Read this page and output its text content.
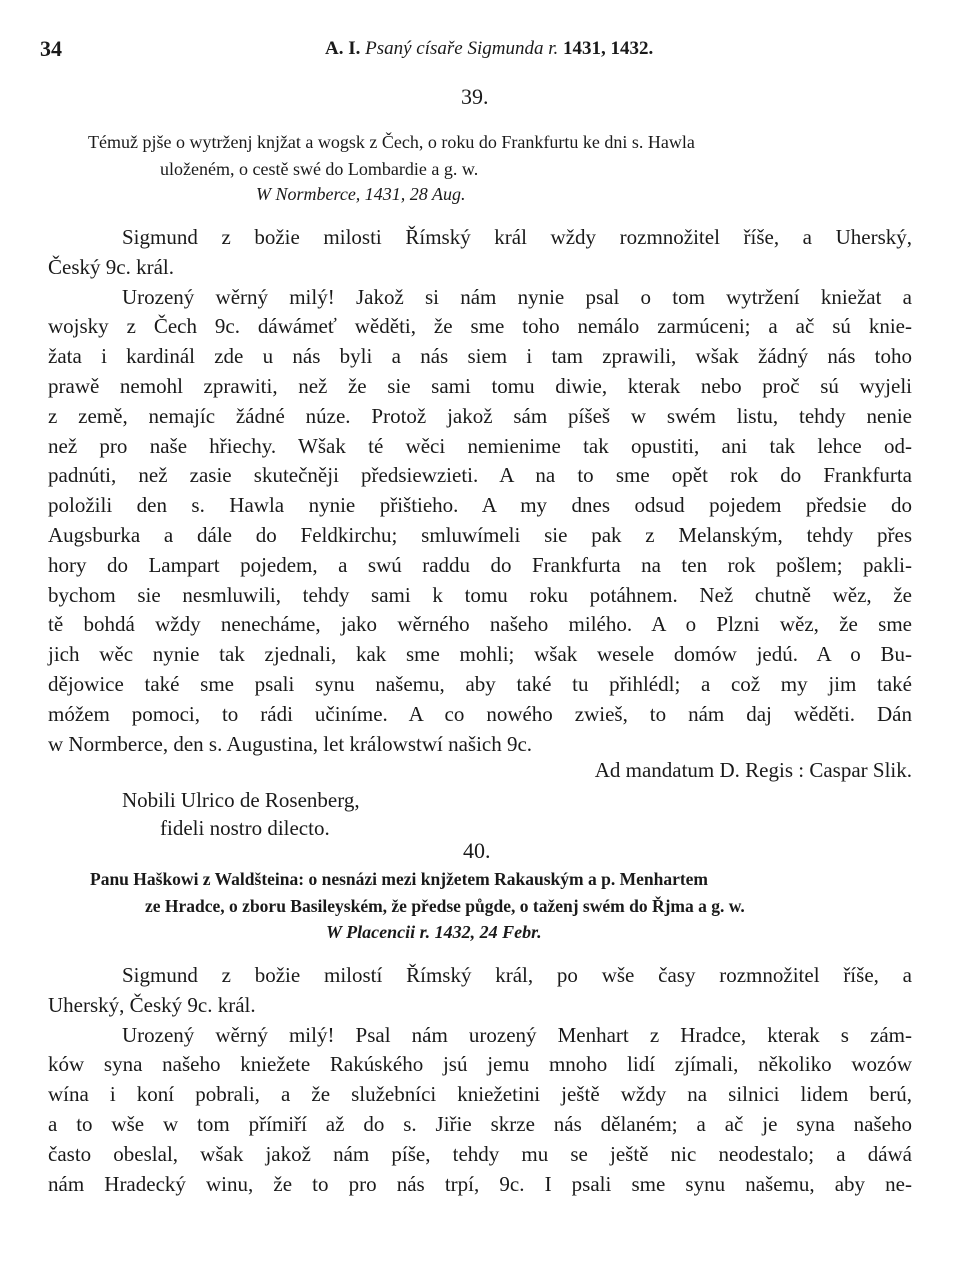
34	A. I. Psaný císaře Sigmunda r. 1431, 1432.
39.
Témuž pjše o wytrženj knjžat a wogsk z Čech, o roku do Frankfurtu ke dni s. Hawla
uloženém, o cestě swé do Lombardie a g. w.
W Normberce, 1431, 28 Aug.

Sigmund z božie milosti Římský král wždy rozmnožitel říše, a Uherský,

Český 9c. král.

Urozený wěrný milý! Jakož si nám nynie psal o tom wytržení kniežat a

wojsky z Čech 9c. dáwámeť wěděti, že sme toho nemálo zarmúceni; a ač sú knie-

žata i kardinál zde u nás byli a nás siem i tam zprawili, wšak žádný nás toho

prawě nemohl zprawiti, než že sie sami tomu diwie, kterak nebo proč sú wyjeli

z země, nemajíc žádné núze. Protož jakož sám píšeš w swém listu, tehdy nenie

než pro naše hřiechy. Wšak té wěci nemienime tak opustiti, ani tak lehce od-

padnúti, než zasie skutečněji předsiewzieti. A na to sme opět rok do Frankfurta

položili den s. Hawla nynie přištieho. A my dnes odsud pojedem předsie do

Augsburka a dále do Feldkirchu; smluwímeli sie pak z Melanským, tehdy přes

hory do Lampart pojedem, a swú raddu do Frankfurta na ten rok pošlem; pakli-

bychom sie nesmluwili, tehdy sami k tomu roku potáhnem. Než chutně wěz, že

tě bohdá wždy nenecháme, jako wěrného našeho milého. A o Plzni wěz, že sme

jich wěc nynie tak zjednali, kak sme mohli; wšak wesele domów jedú. A o Bu-

dějowice také sme psali synu našemu, aby také tu přihlédl; a což my jim také

móžem pomoci, to rádi učiníme. A co nowého zwieš, to nám daj wěděti. Dán

w Normberce, den s. Augustina, let králowstwí našich 9c.

Ad mandatum D. Regis : Caspar Slik.
Nobili Ulrico de Rosenberg,
fideli nostro dilecto.
40.
Panu Haškowi z Waldšteina: o nesnázi mezi knjžetem Rakauským a p. Menhartem
ze Hradce, o zboru Basileyském, že předse půgde, o taženj swém do Řjma a g. w.
W Placencii r. 1432, 24 Febr.

Sigmund z božie milostí Římský král, po wše časy rozmnožitel říše, a

Uherský, Český 9c. král.

Urozený wěrný milý! Psal nám urozený Menhart z Hradce, kterak s zám-

ków syna našeho kniežete Rakúského jsú jemu mnoho lidí zjímali, několiko wozów

wína i koní pobrali, a že služebníci kniežetini ještě wždy na silnici lidem berú,

a to wše w tom přímiří až do s. Jiřie skrze nás dělaném; a ač je syna našeho

často obeslal, wšak jakož nám píše, tehdy mu se ještě nic neodestalo; a dáwá

nám Hradecký winu, že to pro nás trpí, 9c. I psali sme synu našemu, aby ne-
